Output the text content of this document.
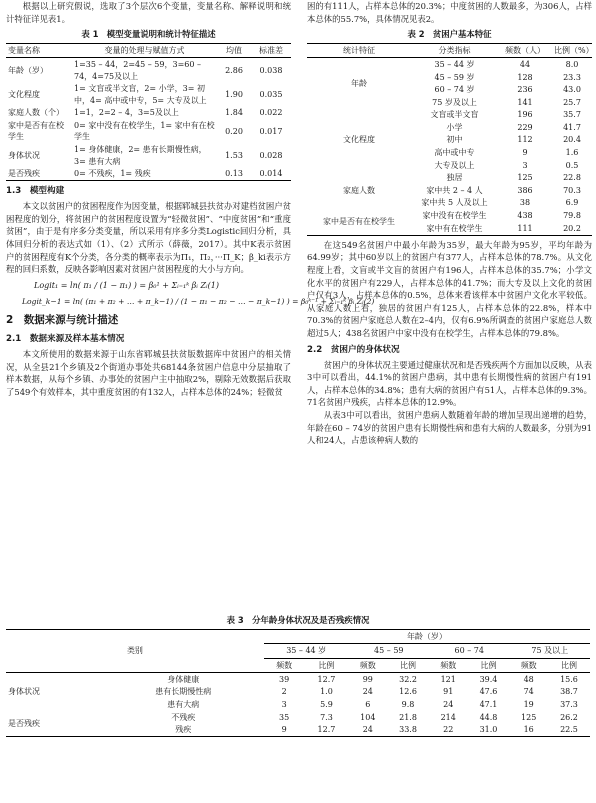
根据以上研究假说，选取了3个层次6个变量，变量名称、解释说明和统计特征详见表1。

表 1　模型变量说明和统计特征描述
变量名称	变量的处理与赋值方式	均值	标准差
年龄（岁）	1=35 – 44，2=45 – 59，3=60 – 74，4=75及以上	2.86	0.038
文化程度	1= 文盲或半文盲，2= 小学，3= 初中，4= 高中或中专，5= 大专及以上	1.90	0.035
家庭人数（个）	1=1，2=2 – 4，3=5及以上	1.84	0.022
家中是否有在校学生	0= 家中没有在校学生，1= 家中有在校学生	0.20	0.017
身体状况	1= 身体健康，2= 患有长期慢性病，3= 患有大病	1.53	0.028
是否残疾	0= 不残疾，1= 残疾	0.13	0.014
1.3　模型构建

本文以贫困户的贫困程度作为因变量，根据郓城县扶贫办对建档贫困户贫困程度的划分，将贫困户的贫困程度设置为“轻微贫困”、“中度贫困”和“重度贫困”，由于是有序多分类变量，所以采用有序多分类Logistic回归分析，具体回归分析的表达式如（1）、（2）式所示（薛薇，2017）。其中K表示贫困户的贫困程度有K个分类，各分类的概率表示为Π₁，Π₂，···Π_K；β_ki表示方程的回归系数，反映各影响因素对贫困户贫困程度的大小与方向。

Logit₁ = ln( π₁ / (1 − π₁) ) = β₀¹ + Σᵢ₌₁ᵏ βᵢ Zᵢ(1)
Logit_k−1 = ln( (π₁ + π₂ + … + π_k−1) / (1 − π₁ − π₂ − … − π_k−1) ) = β₀ᵏ⁻¹ + Σᵢ₌₁ᵏ βᵢ Zᵢ(2)
2　数据来源与统计描述
2.1　数据来源及样本基本情况

本文所使用的数据来源于山东省郓城县扶贫版数据库中贫困户的相关情况，从全县21个乡镇及2个街道办事处共68144条贫困户信息中分层抽取了样本数据，从每个乡镇、办事处的贫困户主中抽取2%，剔除无效数据后获取了549个有效样本，其中重度贫困的有132人，占样本总体的24%；轻微贫

困的有111人，占样本总体的20.3%；中度贫困的人数最多，为306人，占样本总体的55.7%，具体情况见表2。

表 2　贫困户基本特征
统计特征	分类指标	频数（人）	比例（%）
年龄	35 – 44 岁	44	8.0
	45 – 59 岁	128	23.3
	60 – 74 岁	236	43.0
	75 岁及以上	141	25.7
文化程度	文盲或半文盲	196	35.7
	小学	229	41.7
	初中	112	20.4
	高中或中专	9	1.6
	大专及以上	3	0.5
家庭人数	独居	125	22.8
	家中共 2 – 4 人	386	70.3
	家中共 5 人及以上	38	6.9
家中是否有在校学生	家中没有在校学生	438	79.8
	家中有在校学生	111	20.2

在这549名贫困户中最小年龄为35岁，最大年龄为95岁，平均年龄为64.99岁；其中60岁以上的贫困户有377人，占样本总体的78.7%。从文化程度上看，文盲或半文盲的贫困户有196人，占样本总体的35.7%；小学文化水平的贫困户有229人，占样本总体的41.7%；而大专及以上文化的贫困户仅有3人，占样本总体的0.5%，总体来看该样本中贫困户文化水平较低。从家庭人数上看，独居的贫困户有125人，占样本总体的22.8%，样本中70.3%的贫困户家庭总人数在2–4内，仅有6.9%所调查的贫困户家庭总人数超过5人；438名贫困户中家中没有在校学生，占样本总体的79.8%。

2.2　贫困户的身体状况

贫困户的身体状况主要通过健康状况和是否残疾两个方面加以反映，从表3中可以看出，44.1%的贫困户患病，其中患有长期慢性病的贫困户有191人，占样本总体的34.8%；患有大病的贫困户有51人，占样本总体的9.3%。71名贫困户残疾，占样本总体的12.9%。

从表3中可以看出，贫困户患病人数随着年龄的增加呈现出递增的趋势，年龄在60 – 74岁的贫困户患有长期慢性病和患有大病的人数最多，分别为91人和24人，占患该种病人数的

表 3　分年龄身体状况及是否残疾情况
类别		年龄（岁）							
		35 – 44 岁		45 – 59		60 – 74		75 及以上	
		频数	比例	频数	比例	频数	比例	频数	比例
身体状况	身体健康	39	12.7	99	32.2	121	39.4	48	15.6
	患有长期慢性病	2	1.0	24	12.6	91	47.6	74	38.7
	患有大病	3	5.9	6	9.8	24	47.1	19	37.3
是否残疾	不残疾	35	7.3	104	21.8	214	44.8	125	26.2
	残疾	9	12.7	24	33.8	22	31.0	16	22.5
